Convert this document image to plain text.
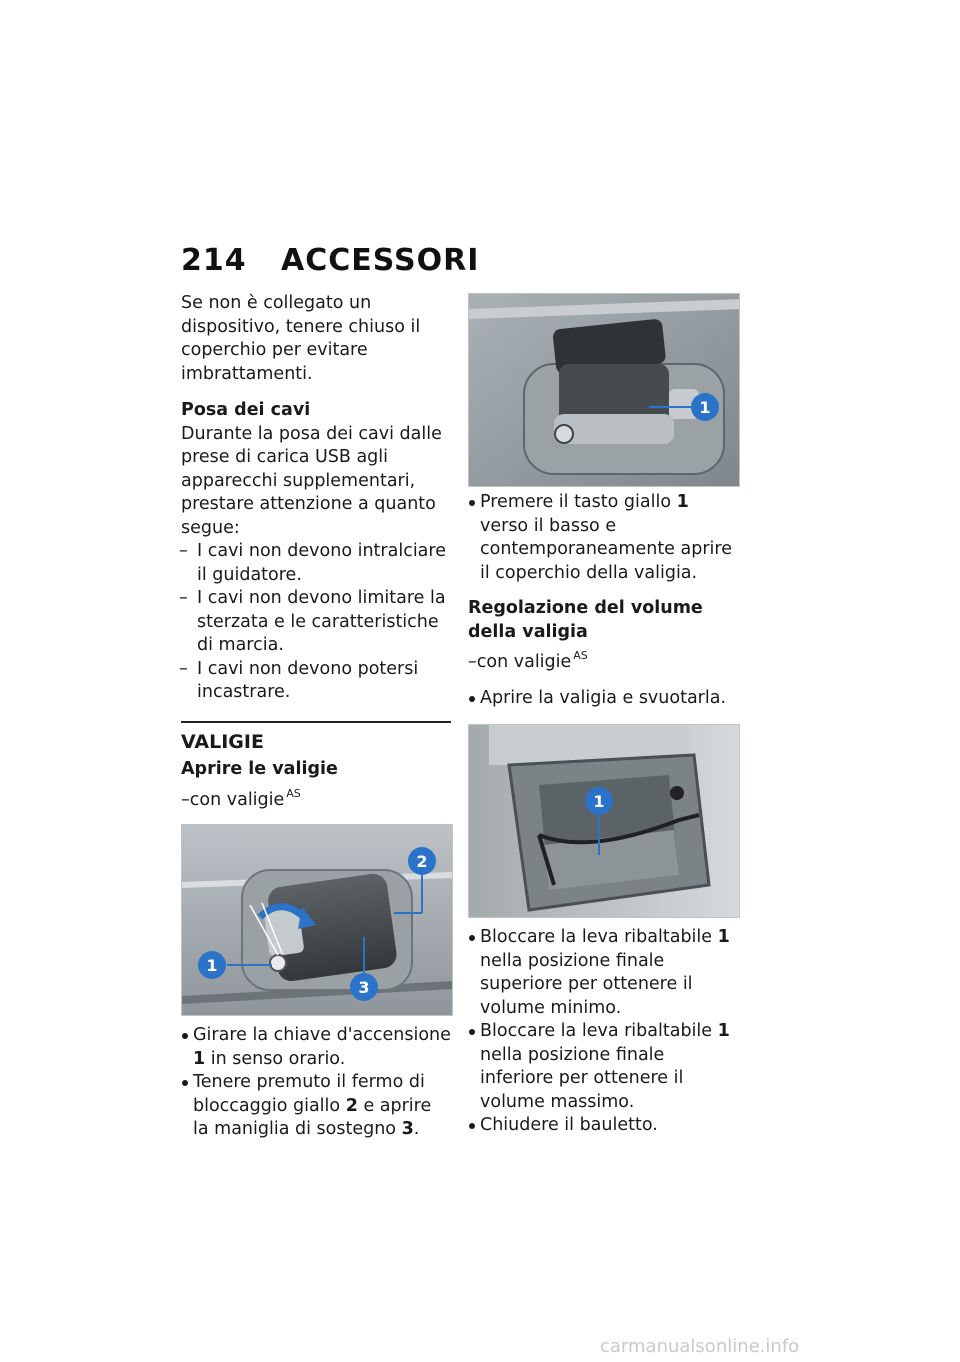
214 ACCESSORI

Se non è collegato un dispositivo, tenere chiuso il coperchio per evitare imbrattamenti.

Posa dei cavi

Durante la posa dei cavi dalle prese di carica USB agli apparecchi supplementari, prestare attenzione a quanto segue:

– I cavi non devono intralciare il guidatore.
– I cavi non devono limitare la sterzata e le caratteristiche di marcia.
– I cavi non devono potersi incastrare.

VALIGIE

Aprire le valigie

–con valigie $^{AS}$

1
2
3
Girare la chiave d'accensione 1 in senso orario.
Tenere premuto il fermo di bloccaggio giallo 2 e aprire la maniglia di sostegno 3.
1
Premere il tasto giallo 1 verso il basso e contemporaneamente aprire il coperchio della valigia.

Regolazione del volume della valigia

–con valigie $^{AS}$

Aprire la valigia e svuotarla.
1
Bloccare la leva ribaltabile 1 nella posizione finale superiore per ottenere il volume minimo.
Bloccare la leva ribaltabile 1 nella posizione finale inferiore per ottenere il volume massimo.
Chiudere il bauletto.
carmanualsonline.info
